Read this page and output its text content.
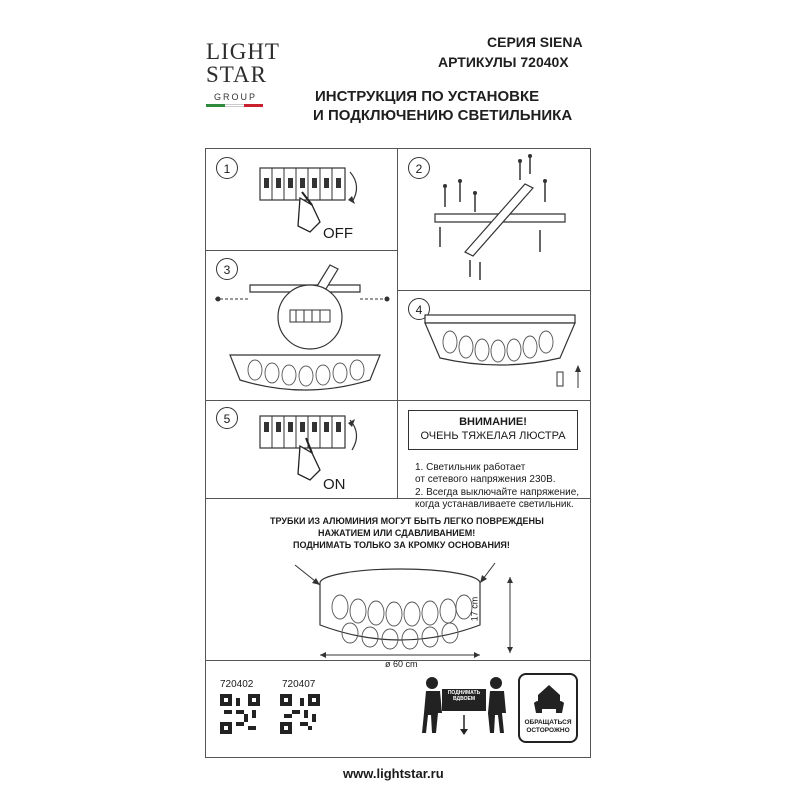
LIGHT
STAR
GROUP
СЕРИЯ SIENA
АРТИКУЛЫ 72040X
ИНСТРУКЦИЯ ПО УСТАНОВКЕ
И ПОДКЛЮЧЕНИЮ СВЕТИЛЬНИКА
1	2
3
4
5
OFF
ON
ВНИМАНИЕ!
ОЧЕНЬ ТЯЖЕЛАЯ ЛЮСТРА
1. Светильник работает
от сетевого напряжения 230В.
2. Всегда выключайте напряжение,
когда устанавливаете светильник.
ТРУБКИ ИЗ АЛЮМИНИЯ МОГУТ БЫТЬ ЛЕГКО ПОВРЕЖДЕНЫ
НАЖАТИЕМ ИЛИ СДАВЛИВАНИЕМ!
ПОДНИМАТЬ ТОЛЬКО ЗА КРОМКУ ОСНОВАНИЯ!
17 cm
ø 60 cm
720402	720407
ПОДНИМАТЬ
ВДВОЕМ
ОБРАЩАТЬСЯ
ОСТОРОЖНО
www.lightstar.ru
